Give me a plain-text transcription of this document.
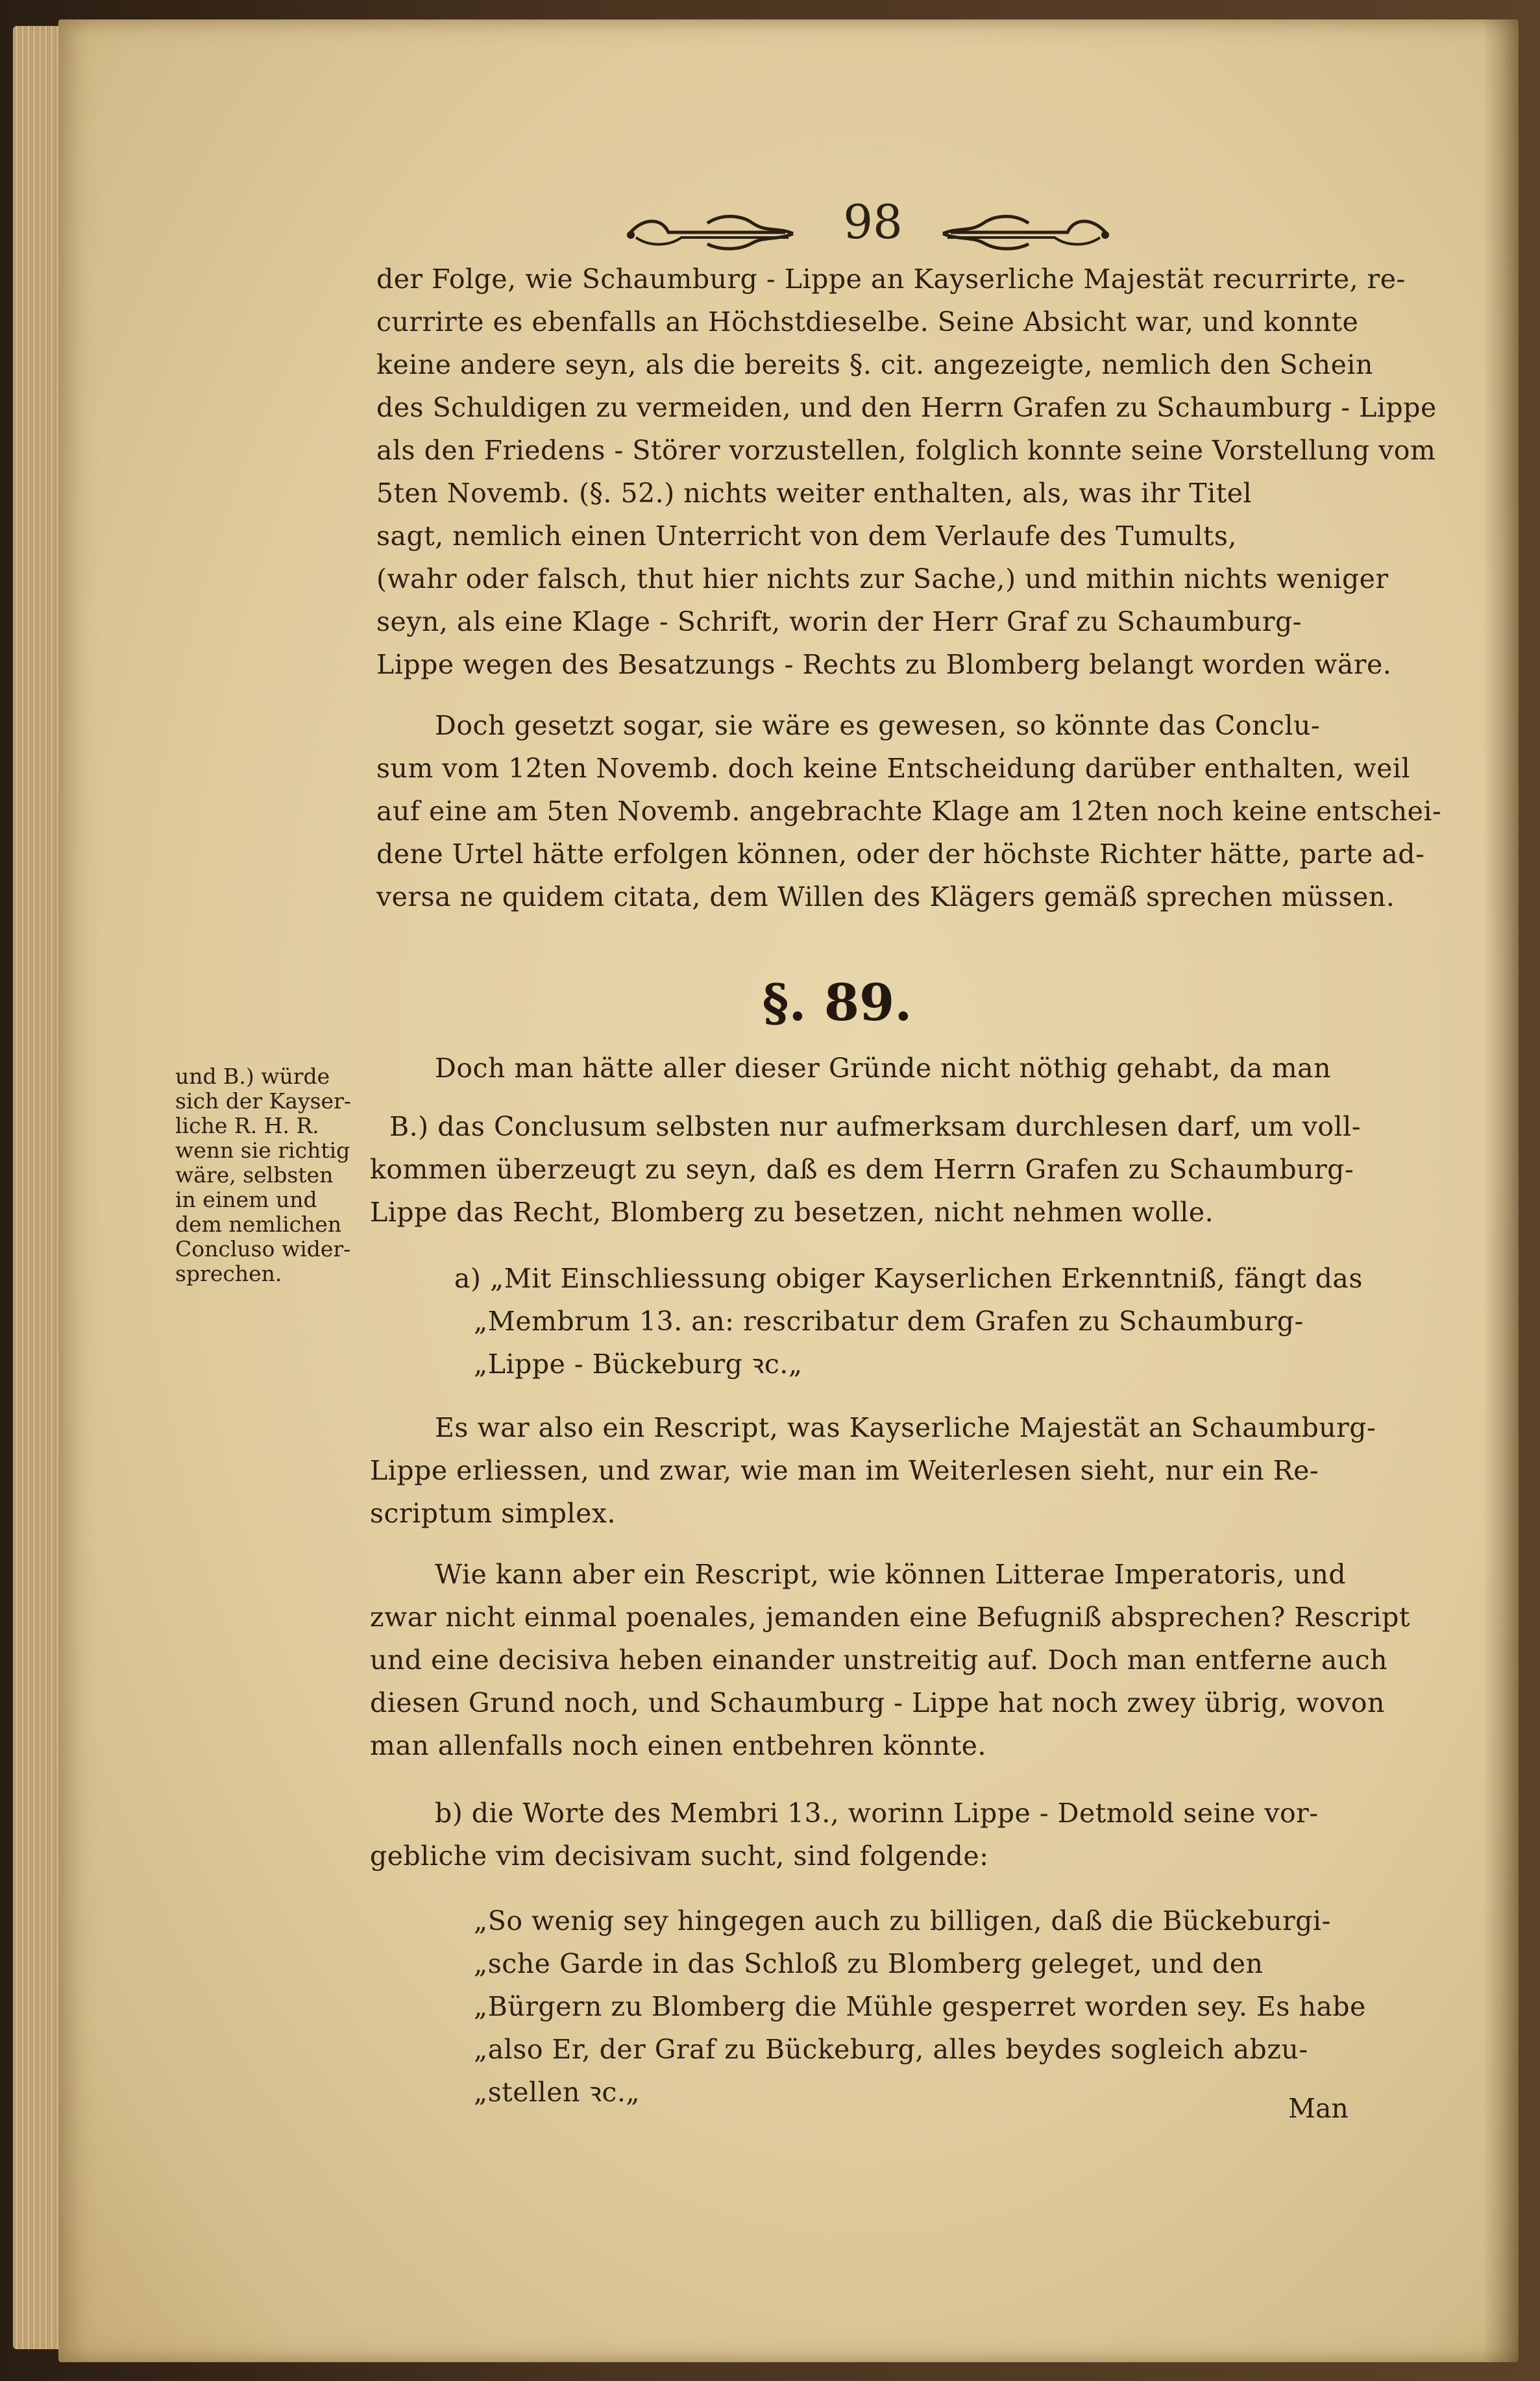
98
der Folge, wie Schaumburg - Lippe an Kayserliche Majestät recurrirte, re-
currirte es ebenfalls an Höchstdieselbe. Seine Absicht war, und konnte
keine andere seyn, als die bereits §. cit. angezeigte, nemlich den Schein
des Schuldigen zu vermeiden, und den Herrn Grafen zu Schaumburg - Lippe
als den Friedens - Störer vorzustellen, folglich konnte seine Vorstellung vom
5ten Novemb. (§. 52.) nichts weiter enthalten, als, was ihr Titel
sagt, nemlich einen Unterricht von dem Verlaufe des Tumults,
(wahr oder falsch, thut hier nichts zur Sache,) und mithin nichts weniger
seyn, als eine Klage - Schrift, worin der Herr Graf zu Schaumburg-
Lippe wegen des Besatzungs - Rechts zu Blomberg belangt worden wäre.
Doch gesetzt sogar, sie wäre es gewesen, so könnte das Conclu-
sum vom 12ten Novemb. doch keine Entscheidung darüber enthalten, weil
auf eine am 5ten Novemb. angebrachte Klage am 12ten noch keine entschei-
dene Urtel hätte erfolgen können, oder der höchste Richter hätte, parte ad-
versa ne quidem citata, dem Willen des Klägers gemäß sprechen müssen.
§. 89.
und B.) würde
sich der Kayser-
liche R. H. R.
wenn sie richtig
wäre, selbsten
in einem und
dem nemlichen
Concluso wider-
sprechen.
Doch man hätte aller dieser Gründe nicht nöthig gehabt, da man
B.) das Conclusum selbsten nur aufmerksam durchlesen darf, um voll-
kommen überzeugt zu seyn, daß es dem Herrn Grafen zu Schaumburg-
Lippe das Recht, Blomberg zu besetzen, nicht nehmen wolle.
a) „Mit Einschliessung obiger Kayserlichen Erkenntniß, fängt das
„Membrum 13. an: rescribatur dem Grafen zu Schaumburg-
„Lippe - Bückeburg ꝛc.„
Es war also ein Rescript, was Kayserliche Majestät an Schaumburg-
Lippe erliessen, und zwar, wie man im Weiterlesen sieht, nur ein Re-
scriptum simplex.
Wie kann aber ein Rescript, wie können Litterae Imperatoris, und
zwar nicht einmal poenales, jemanden eine Befugniß absprechen? Rescript
und eine decisiva heben einander unstreitig auf. Doch man entferne auch
diesen Grund noch, und Schaumburg - Lippe hat noch zwey übrig, wovon
man allenfalls noch einen entbehren könnte.
b) die Worte des Membri 13., worinn Lippe - Detmold seine vor-
gebliche vim decisivam sucht, sind folgende:
„So wenig sey hingegen auch zu billigen, daß die Bückeburgi-
„sche Garde in das Schloß zu Blomberg geleget, und den
„Bürgern zu Blomberg die Mühle gesperret worden sey. Es habe
„also Er, der Graf zu Bückeburg, alles beydes sogleich abzu-
„stellen ꝛc.„
Man
